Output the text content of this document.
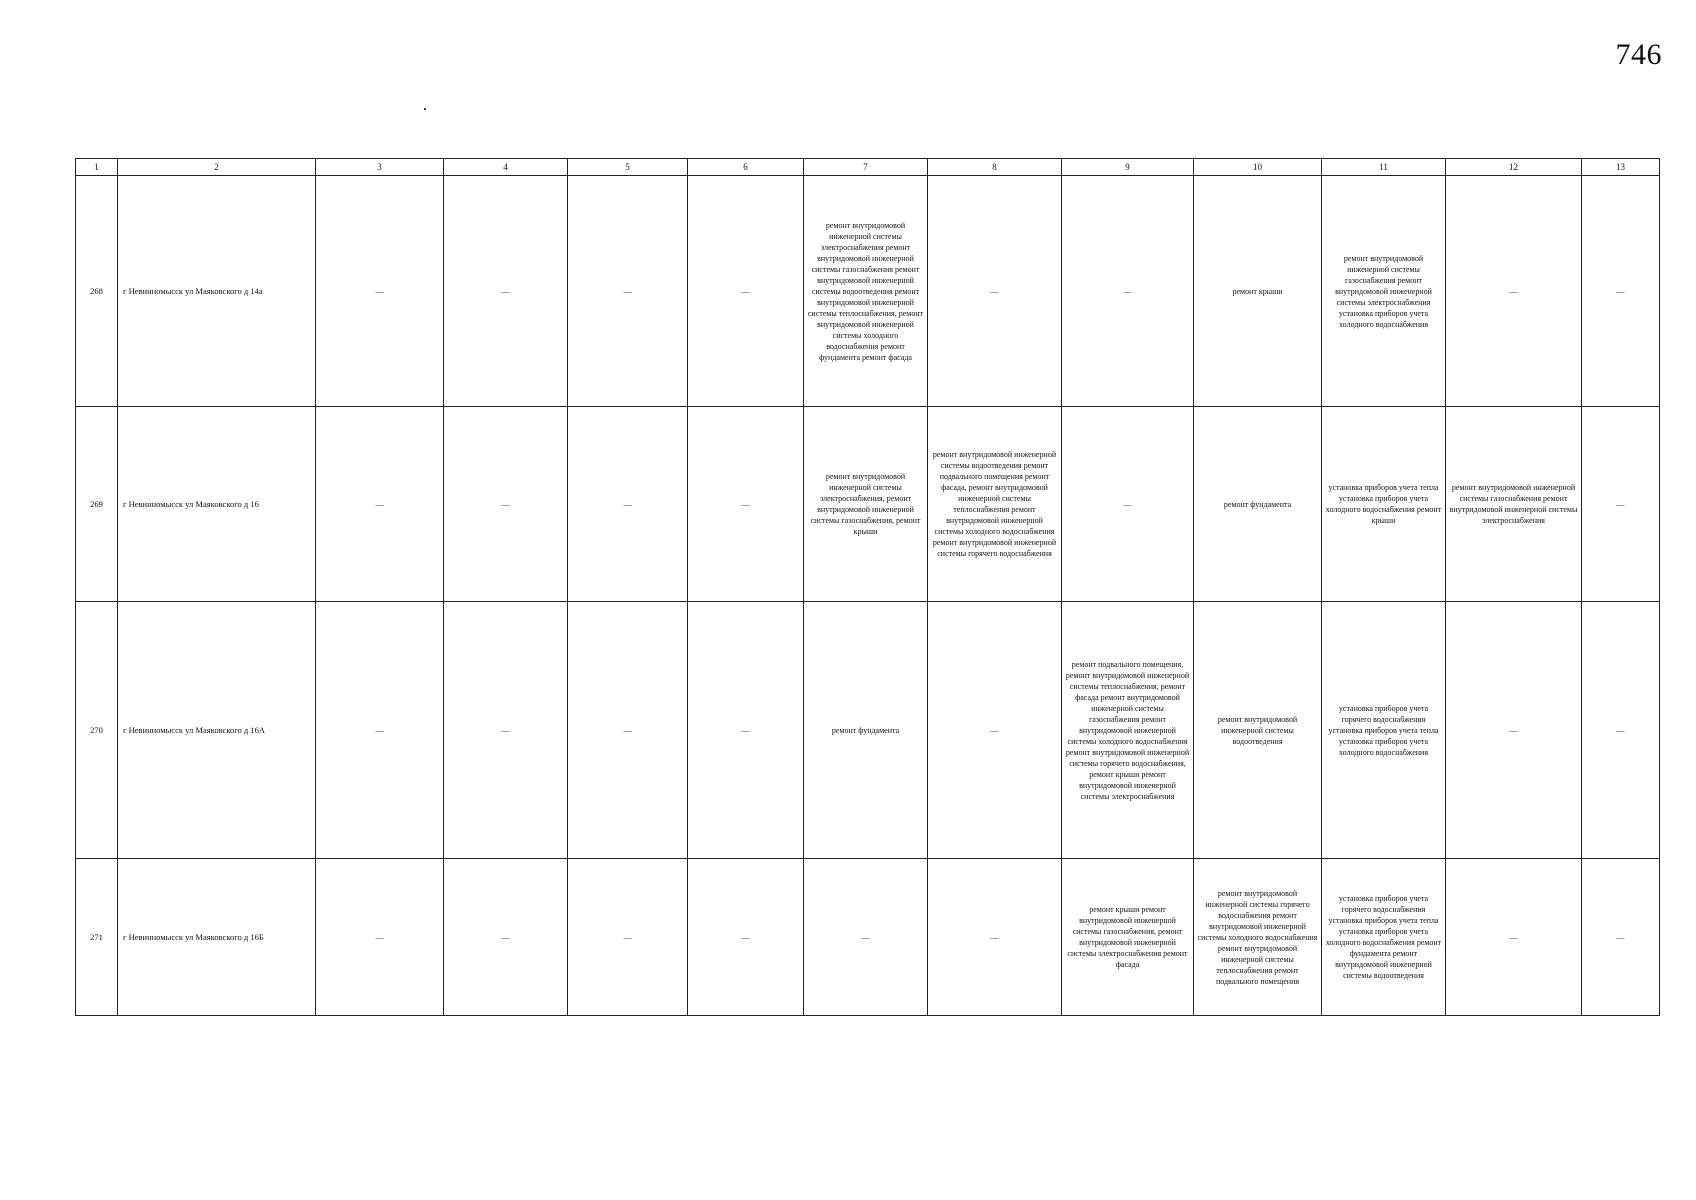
746
1	2	3	4	5	6	7	8	9	10	11	12	13
268	г Невинномысск ул Маяковского д 14а	—	—	—	—	ремонт внутридомовой инженерной системы электроснабжения ремонт внутридомовой инженерной системы газоснабжения ремонт внутридомовой инженерной системы водоотведения ремонт внутридомовой инженерной системы теплоснабжения, ремонт внутридомовой инженерной системы холодного водоснабжения ремонт фундамента ремонт фасада	—	—	ремонт крыши	ремонт внутридомовой инженерной системы газоснабжения ремонт внутридомовой инженерной системы электроснабжения установка приборов учета холодного водоснабжения	—	—
269	г Невинномысск ул Маяковского д 16	—	—	—	—	ремонт внутридомовой инженерной системы электроснабжения, ремонт внутридомовой инженерной системы газоснабжения, ремонт крыши	ремонт внутридомовой инженерной системы водоотведения ремонт подвального помещения ремонт фасада, ремонт внутридомовой инженерной системы теплоснабжения ремонт внутридомовой инженерной системы холодного водоснабжения ремонт внутридомовой инженерной системы горячего водоснабжения	—	ремонт фундамента	установка приборов учета тепла установка приборов учета холодного водоснабжения ремонт крыши	ремонт внутридомовой инженерной системы газоснабжения ремонт внутридомовой инженерной системы электроснабжения	—
270	г Невинномысск ул Маяковского д 16А	—	—	—	—	ремонт фундамента	—	ремонт подвального помещения, ремонт внутридомовой инженерной системы теплоснабжения, ремонт фасада ремонт внутридомовой инженерной системы газоснабжения ремонт внутридомовой инженерной системы холодного водоснабжения ремонт внутридомовой инженерной системы горячего водоснабжения, ремонт крыши ремонт внутридомовой инженерной системы электроснабжения	ремонт внутридомовой инженерной системы водоотведения	установка приборов учета горячего водоснабжения установка приборов учета тепла установка приборов учета холодного водоснабжения	—	—
271	г Невинномысск ул Маяковского д 16Б	—	—	—	—	—	—	ремонт крыши ремонт внутридомовой инженерной системы газоснабжения, ремонт внутридомовой инженерной системы электроснабжения ремонт фасада	ремонт внутридомовой инженерной системы горячего водоснабжения ремонт внутридомовой инженерной системы холодного водоснабжения ремонт внутридомовой инженерной системы теплоснабжения ремонт подвального помещения	установка приборов учета горячего водоснабжения установка приборов учета тепла установка приборов учета холодного водоснабжения ремонт фундамента ремонт внутридомовой инженерной системы водоотведения	—	—
